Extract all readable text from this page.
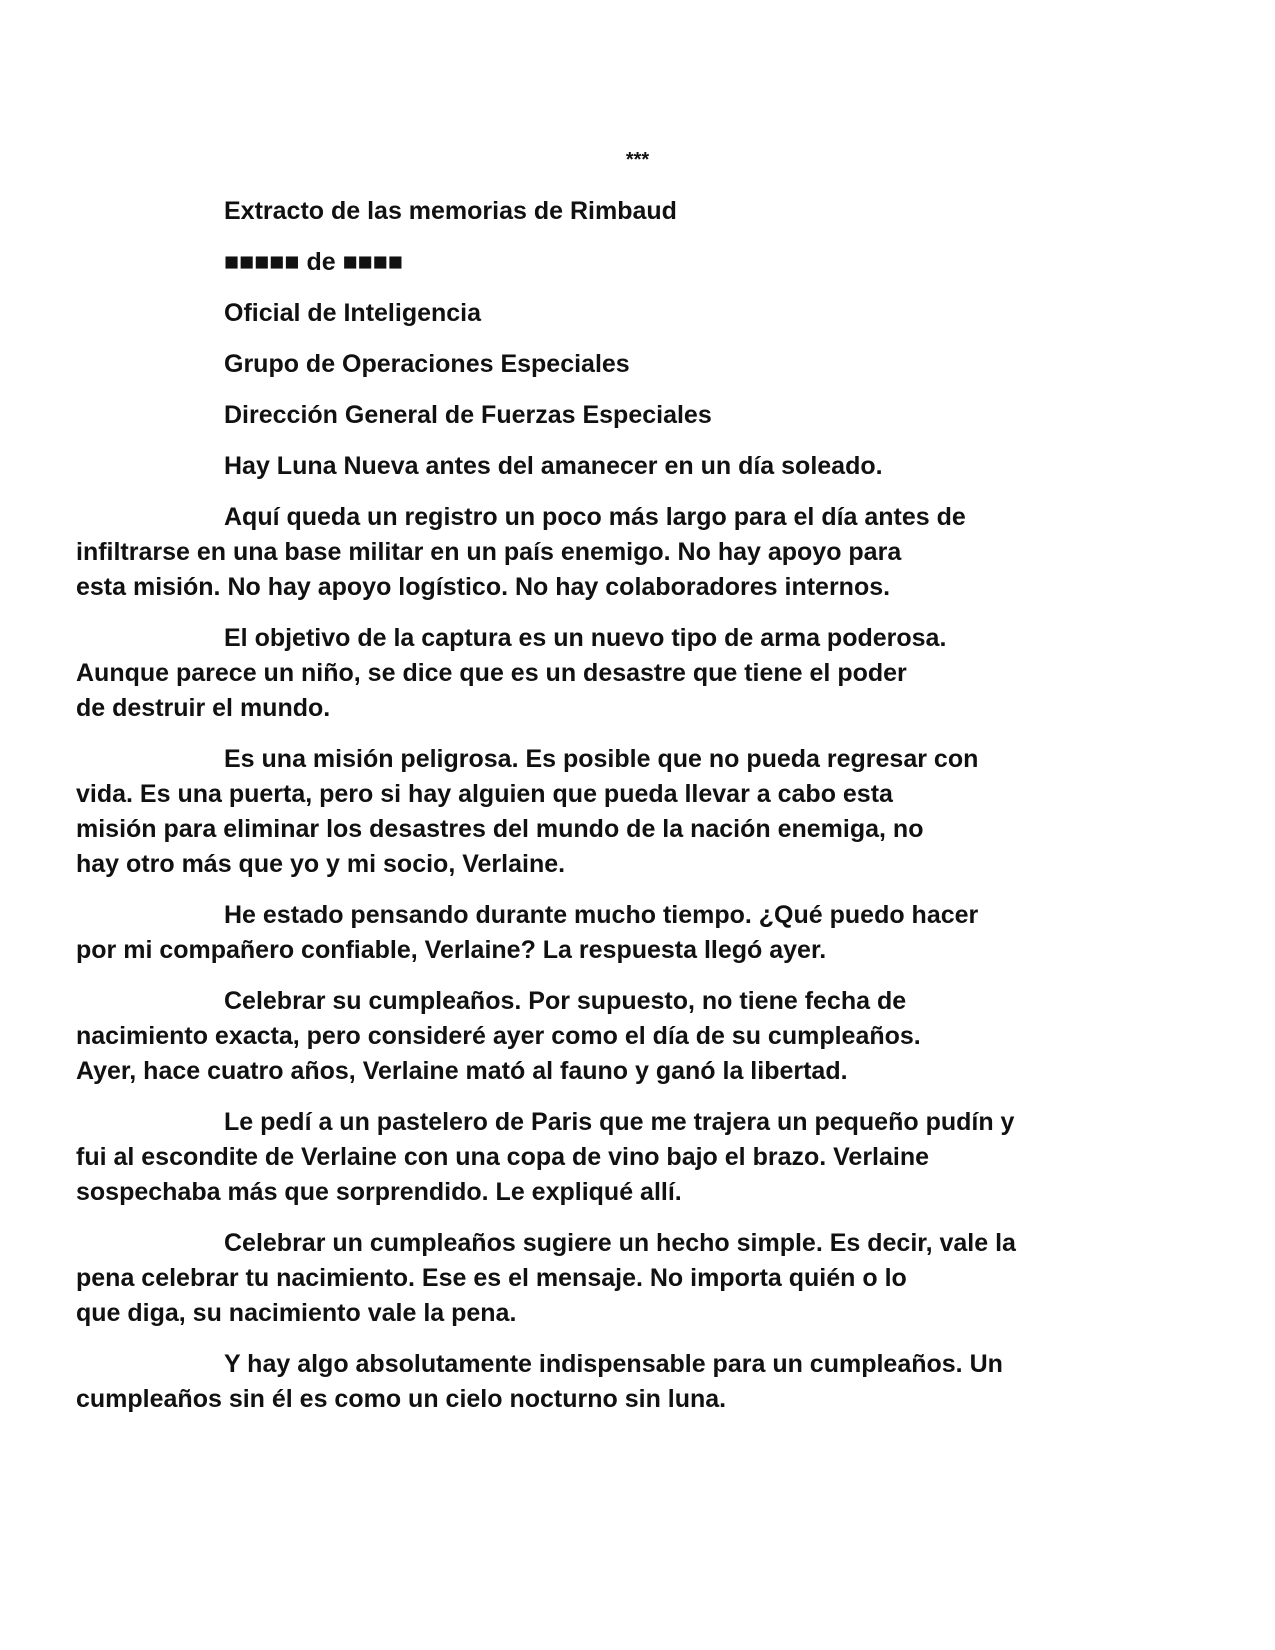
***
Extracto de las memorias de Rimbaud
■■■■■ de ■■■■
Oficial de Inteligencia
Grupo de Operaciones Especiales
Dirección General de Fuerzas Especiales
Hay Luna Nueva antes del amanecer en un día soleado.
Aquí queda un registro un poco más largo para el día antes de
infiltrarse en una base militar en un país enemigo. No hay apoyo para
esta misión. No hay apoyo logístico. No hay colaboradores internos.
El objetivo de la captura es un nuevo tipo de arma poderosa.
Aunque parece un niño, se dice que es un desastre que tiene el poder
de destruir el mundo.
Es una misión peligrosa. Es posible que no pueda regresar con
vida. Es una puerta, pero si hay alguien que pueda llevar a cabo esta
misión para eliminar los desastres del mundo de la nación enemiga, no
hay otro más que yo y mi socio, Verlaine.
He estado pensando durante mucho tiempo. ¿Qué puedo hacer
por mi compañero confiable, Verlaine? La respuesta llegó ayer.
Celebrar su cumpleaños. Por supuesto, no tiene fecha de
nacimiento exacta, pero consideré ayer como el día de su cumpleaños.
Ayer, hace cuatro años, Verlaine mató al fauno y ganó la libertad.
Le pedí a un pastelero de Paris que me trajera un pequeño pudín y
fui al escondite de Verlaine con una copa de vino bajo el brazo. Verlaine
sospechaba más que sorprendido. Le expliqué allí.
Celebrar un cumpleaños sugiere un hecho simple. Es decir, vale la
pena celebrar tu nacimiento. Ese es el mensaje. No importa quién o lo
que diga, su nacimiento vale la pena.
Y hay algo absolutamente indispensable para un cumpleaños. Un
cumpleaños sin él es como un cielo nocturno sin luna.
